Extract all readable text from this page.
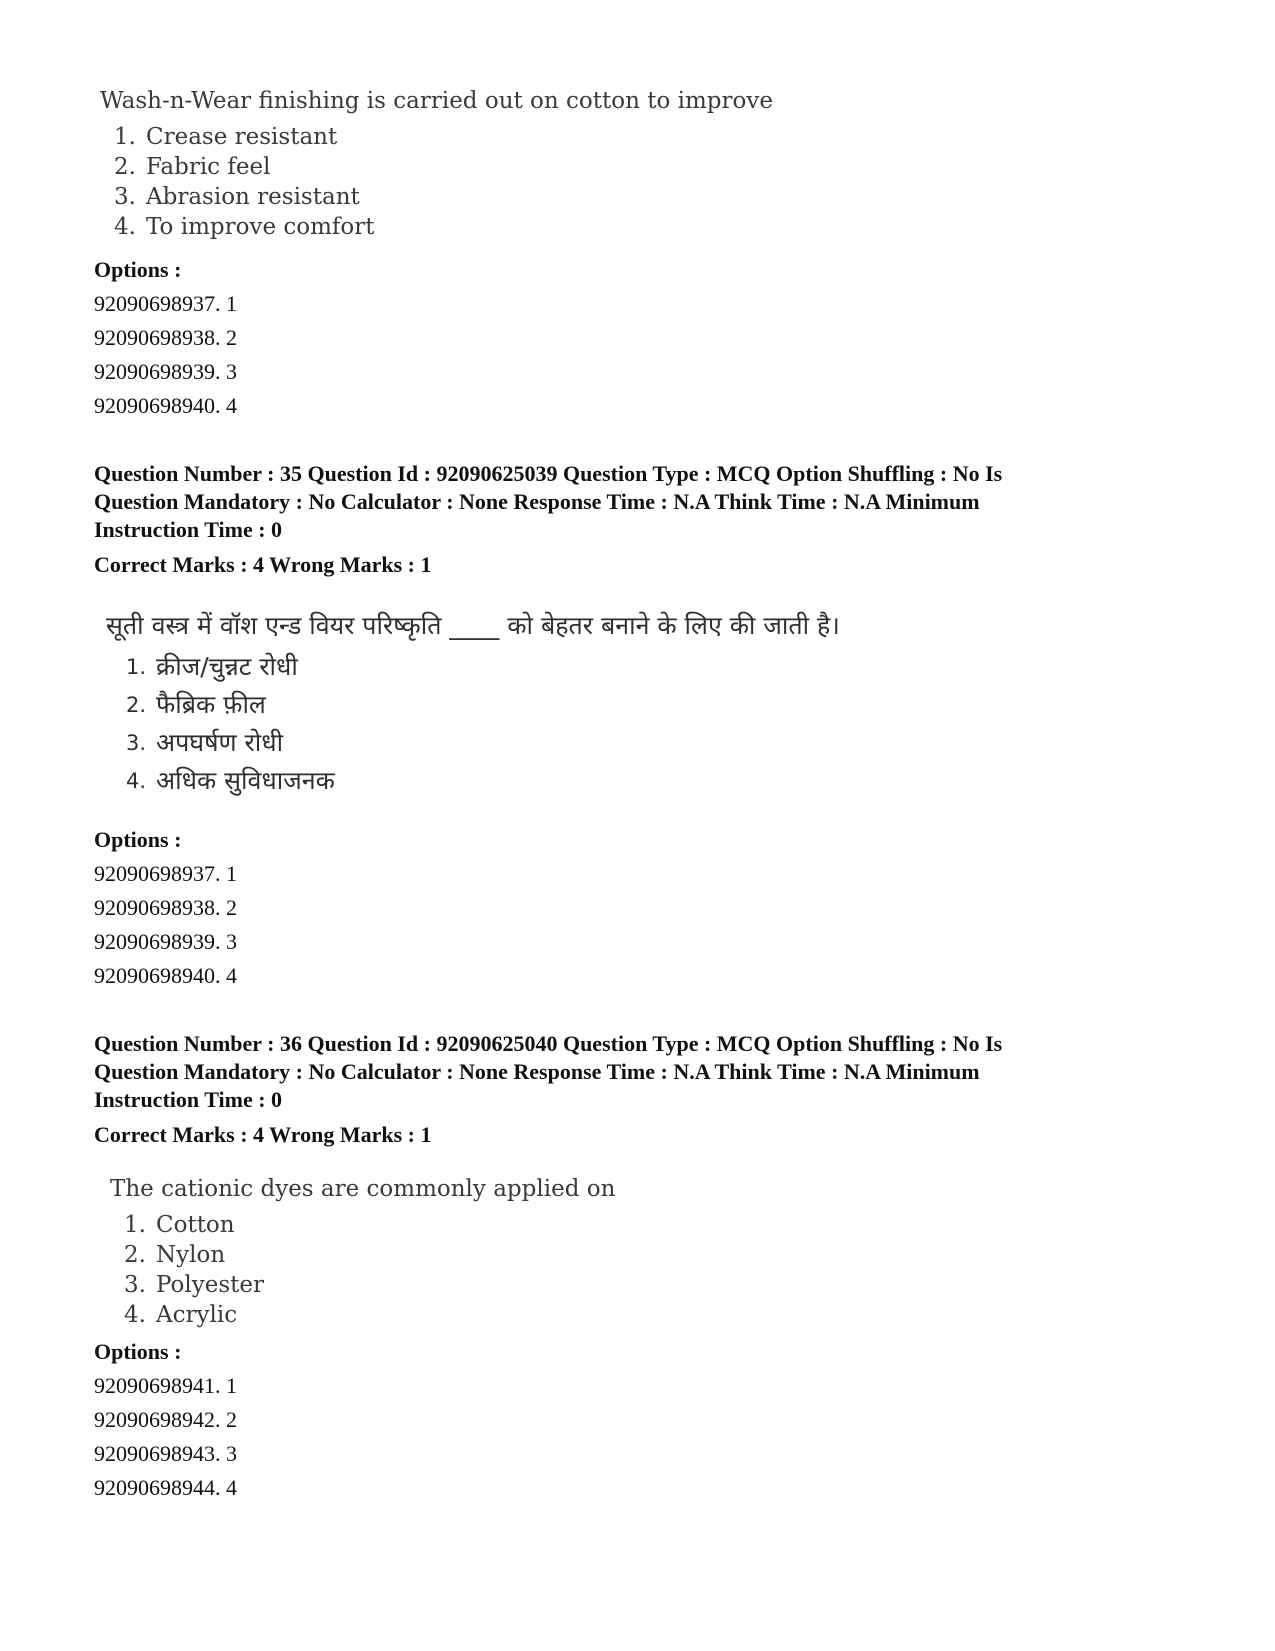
Wash-n-Wear finishing is carried out on cotton to improve
1. Crease resistant
2. Fabric feel
3. Abrasion resistant
4. To improve comfort
Options :
92090698937. 1
92090698938. 2
92090698939. 3
92090698940. 4
Question Number : 35 Question Id : 92090625039 Question Type : MCQ Option Shuffling : No Is
Question Mandatory : No Calculator : None Response Time : N.A Think Time : N.A Minimum
Instruction Time : 0
Correct Marks : 4 Wrong Marks : 1
सूती वस्त्र में वॉश एन्ड वियर परिष्कृति ____ को बेहतर बनाने के लिए की जाती है।
1. क्रीज/चुन्नट रोधी
2. फैब्रिक फ़ील
3. अपघर्षण रोधी
4. अधिक सुविधाजनक
Options :
92090698937. 1
92090698938. 2
92090698939. 3
92090698940. 4
Question Number : 36 Question Id : 92090625040 Question Type : MCQ Option Shuffling : No Is
Question Mandatory : No Calculator : None Response Time : N.A Think Time : N.A Minimum
Instruction Time : 0
Correct Marks : 4 Wrong Marks : 1
The cationic dyes are commonly applied on
1. Cotton
2. Nylon
3. Polyester
4. Acrylic
Options :
92090698941. 1
92090698942. 2
92090698943. 3
92090698944. 4
